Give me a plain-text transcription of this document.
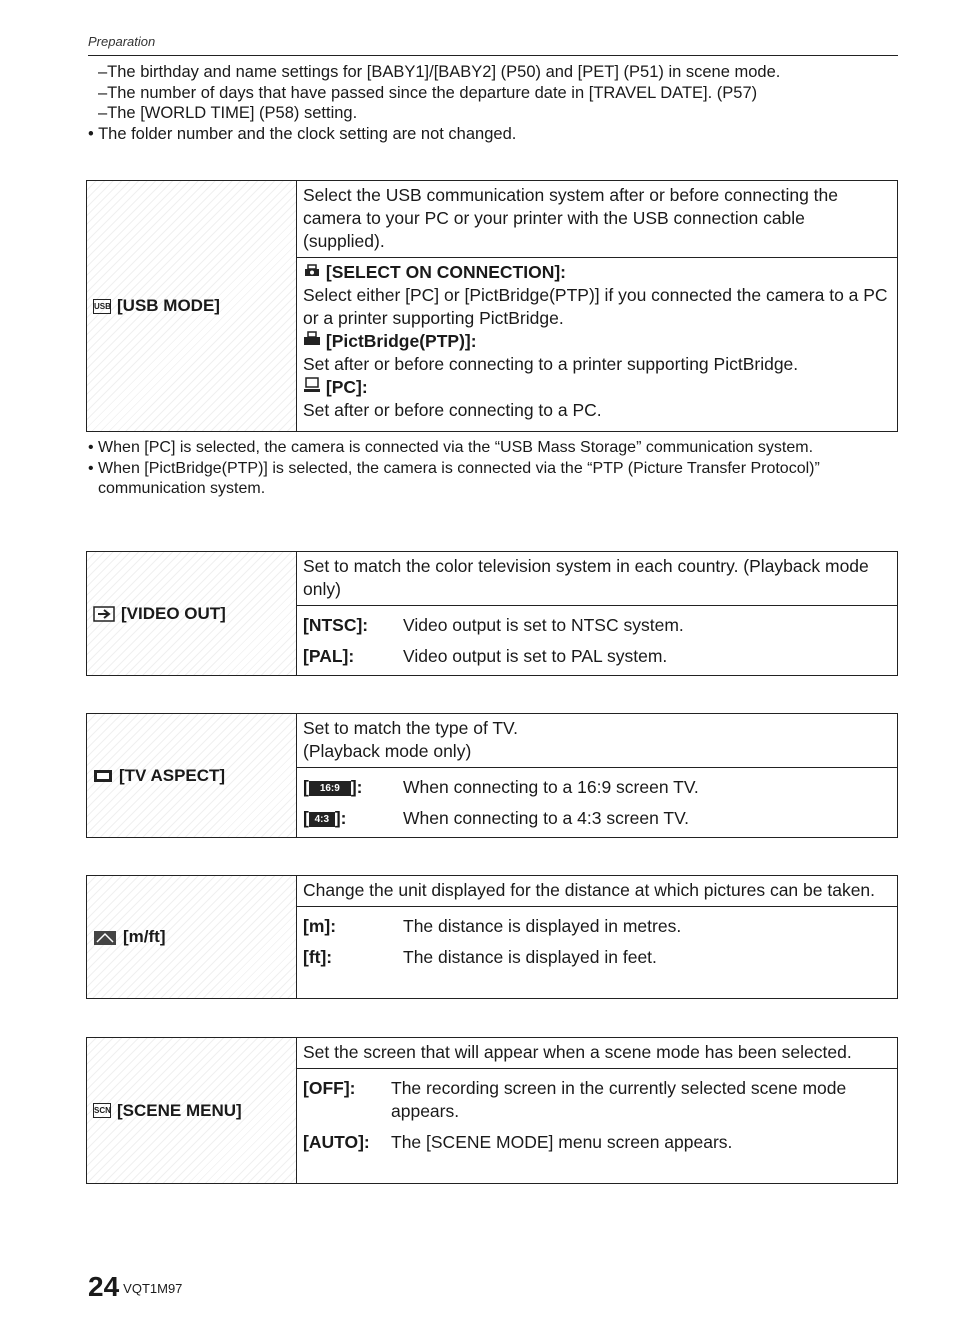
Preparation
–The birthday and name settings for [BABY1]/[BABY2] (P50) and [PET] (P51) in scene mode.
–The number of days that have passed since the departure date in [TRAVEL DATE]. (P57)
–The [WORLD TIME] (P58) setting.
• The folder number and the clock setting are not changed.
USB [USB MODE]
Select the USB communication system after or before connecting the camera to your PC or your printer with the USB connection cable (supplied).
[SELECT ON CONNECTION]:
Select either [PC] or [PictBridge(PTP)] if you connected the camera to a PC or a printer supporting PictBridge.
[PictBridge(PTP)]:
Set after or before connecting to a printer supporting PictBridge.
[PC]:
Set after or before connecting to a PC.

• When [PC] is selected, the camera is connected via the “USB Mass Storage” communication system.

• When [PictBridge(PTP)] is selected, the camera is connected via the “PTP (Picture Transfer Protocol)” communication system.

[VIDEO OUT]
Set to match the color television system in each country. (Playback mode only)
[NTSC]:	Video output is set to NTSC system.
[PAL]:	Video output is set to PAL system.
[TV ASPECT]
Set to match the type of TV.
(Playback mode only)
[ 16:9 ]:	When connecting to a 16:9 screen TV.
[ 4:3 ]:	When connecting to a 4:3 screen TV.
[m/ft]
Change the unit displayed for the distance at which pictures can be taken.
[m]:	The distance is displayed in metres.
[ft]:	The distance is displayed in feet.
SCN [SCENE MENU]
Set the screen that will appear when a scene mode has been selected.
[OFF]:	The recording screen in the currently selected scene mode appears.
[AUTO]:	The [SCENE MODE] menu screen appears.
24 VQT1M97
